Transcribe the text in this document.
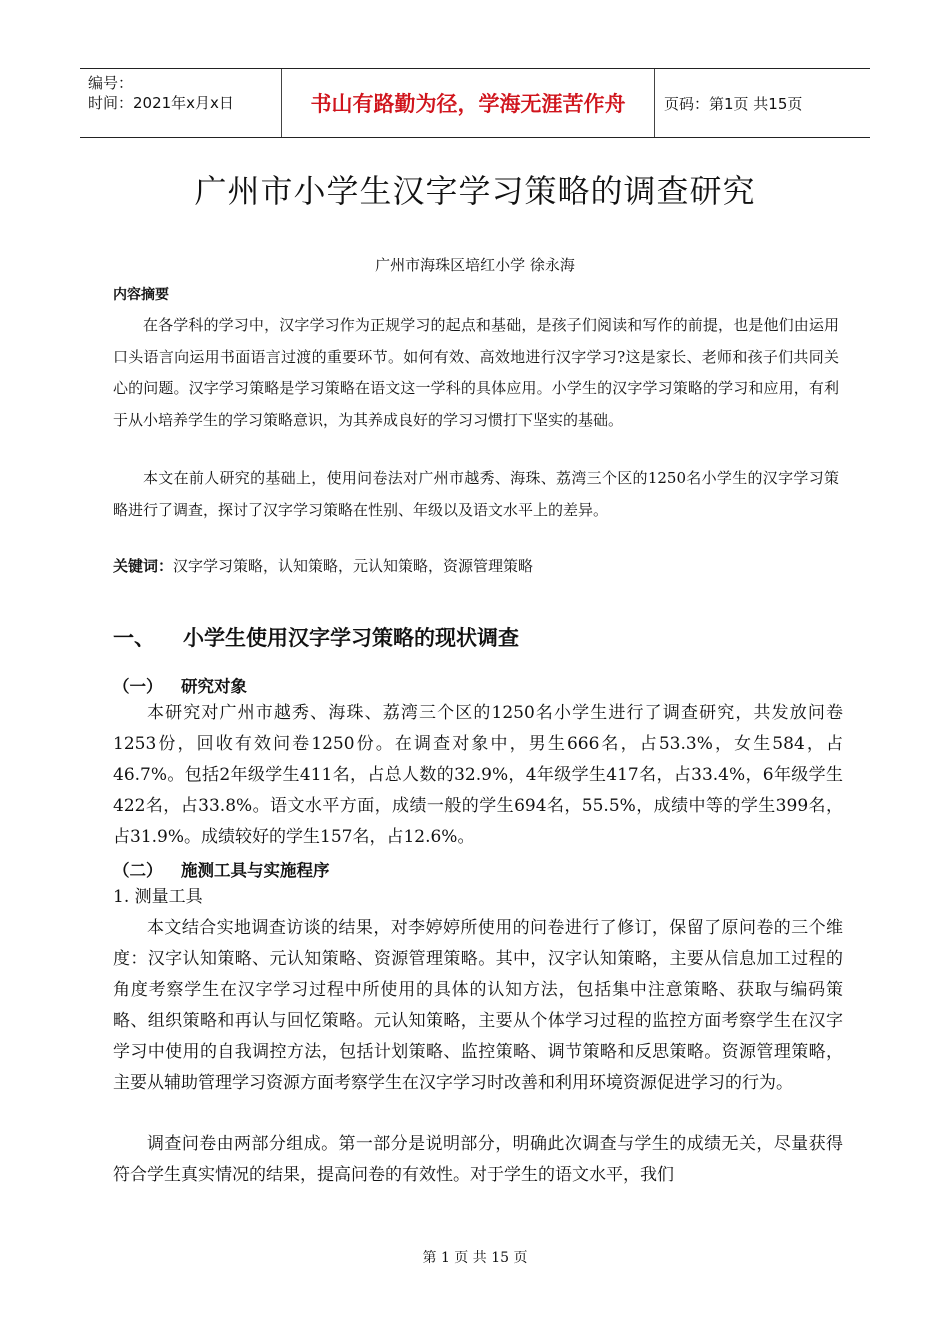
编号：
时间：2021年x月x日	书山有路勤为径，学海无涯苦作舟	页码：第1页 共15页
广州市小学生汉字学习策略的调查研究
广州市海珠区培红小学 徐永海
内容摘要
在各学科的学习中，汉字学习作为正规学习的起点和基础，是孩子们阅读和写作的前提，也是他们由运用口头语言向运用书面语言过渡的重要环节。如何有效、高效地进行汉字学习?这是家长、老师和孩子们共同关心的问题。汉字学习策略是学习策略在语文这一学科的具体应用。小学生的汉字学习策略的学习和应用，有利于从小培养学生的学习策略意识，为其养成良好的学习习惯打下坚实的基础。
本文在前人研究的基础上，使用问卷法对广州市越秀、海珠、荔湾三个区的1250名小学生的汉字学习策略进行了调查，探讨了汉字学习策略在性别、年级以及语文水平上的差异。
关键词：汉字学习策略，认知策略，元认知策略，资源管理策略
一、 小学生使用汉字学习策略的现状调查
（一） 研究对象
本研究对广州市越秀、海珠、荔湾三个区的1250名小学生进行了调查研究，共发放问卷1253份，回收有效问卷1250份。在调查对象中，男生666名，占53.3%，女生584，占46.7%。包括2年级学生411名，占总人数的32.9%，4年级学生417名，占33.4%，6年级学生422名，占33.8%。语文水平方面，成绩一般的学生694名，55.5%，成绩中等的学生399名，占31.9%。成绩较好的学生157名，占12.6%。
（二） 施测工具与实施程序
1. 测量工具
本文结合实地调查访谈的结果，对李婷婷所使用的问卷进行了修订，保留了原问卷的三个维度：汉字认知策略、元认知策略、资源管理策略。其中，汉字认知策略，主要从信息加工过程的角度考察学生在汉字学习过程中所使用的具体的认知方法，包括集中注意策略、获取与编码策略、组织策略和再认与回忆策略。元认知策略，主要从个体学习过程的监控方面考察学生在汉字学习中使用的自我调控方法，包括计划策略、监控策略、调节策略和反思策略。资源管理策略，主要从辅助管理学习资源方面考察学生在汉字学习时改善和利用环境资源促进学习的行为。
调查问卷由两部分组成。第一部分是说明部分，明确此次调查与学生的成绩无关，尽量获得符合学生真实情况的结果，提高问卷的有效性。对于学生的语文水平，我们
第 1 页 共 15 页
